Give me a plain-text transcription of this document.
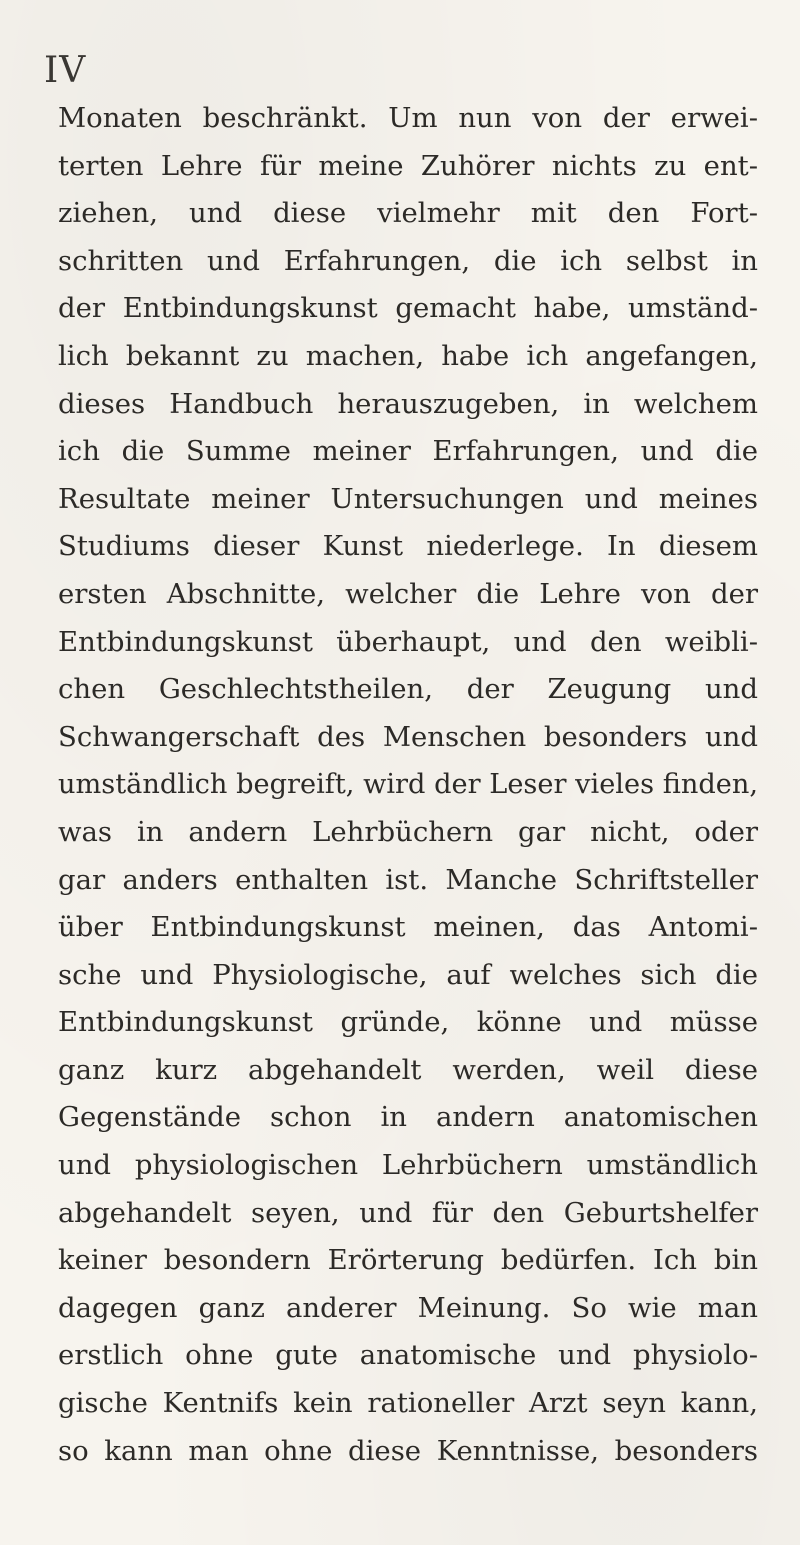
IV
Monaten beschränkt. Um nun von der erwei-
terten Lehre für meine Zuhörer nichts zu ent-
ziehen, und diese vielmehr mit den Fort-
schritten und Erfahrungen, die ich selbst in
der Entbindungskunst gemacht habe, umständ-
lich bekannt zu machen, habe ich angefangen,
dieses Handbuch herauszugeben, in welchem
ich die Summe meiner Erfahrungen, und die
Resultate meiner Untersuchungen und meines
Studiums dieser Kunst niederlege. In diesem
ersten Abschnitte, welcher die Lehre von der
Entbindungskunst überhaupt, und den weibli-
chen Geschlechtstheilen, der Zeugung und
Schwangerschaft des Menschen besonders und
umständlich begreift, wird der Leser vieles finden,
was in andern Lehrbüchern gar nicht, oder
gar anders enthalten ist. Manche Schriftsteller
über Entbindungskunst meinen, das Antomi-
sche und Physiologische, auf welches sich die
Entbindungskunst gründe, könne und müsse
ganz kurz abgehandelt werden, weil diese
Gegenstände schon in andern anatomischen
und physiologischen Lehrbüchern umständlich
abgehandelt seyen, und für den Geburtshelfer
keiner besondern Erörterung bedürfen. Ich bin
dagegen ganz anderer Meinung. So wie man
erstlich ohne gute anatomische und physiolo-
gische Kentnifs kein rationeller Arzt seyn kann,
so kann man ohne diese Kenntnisse, besonders
